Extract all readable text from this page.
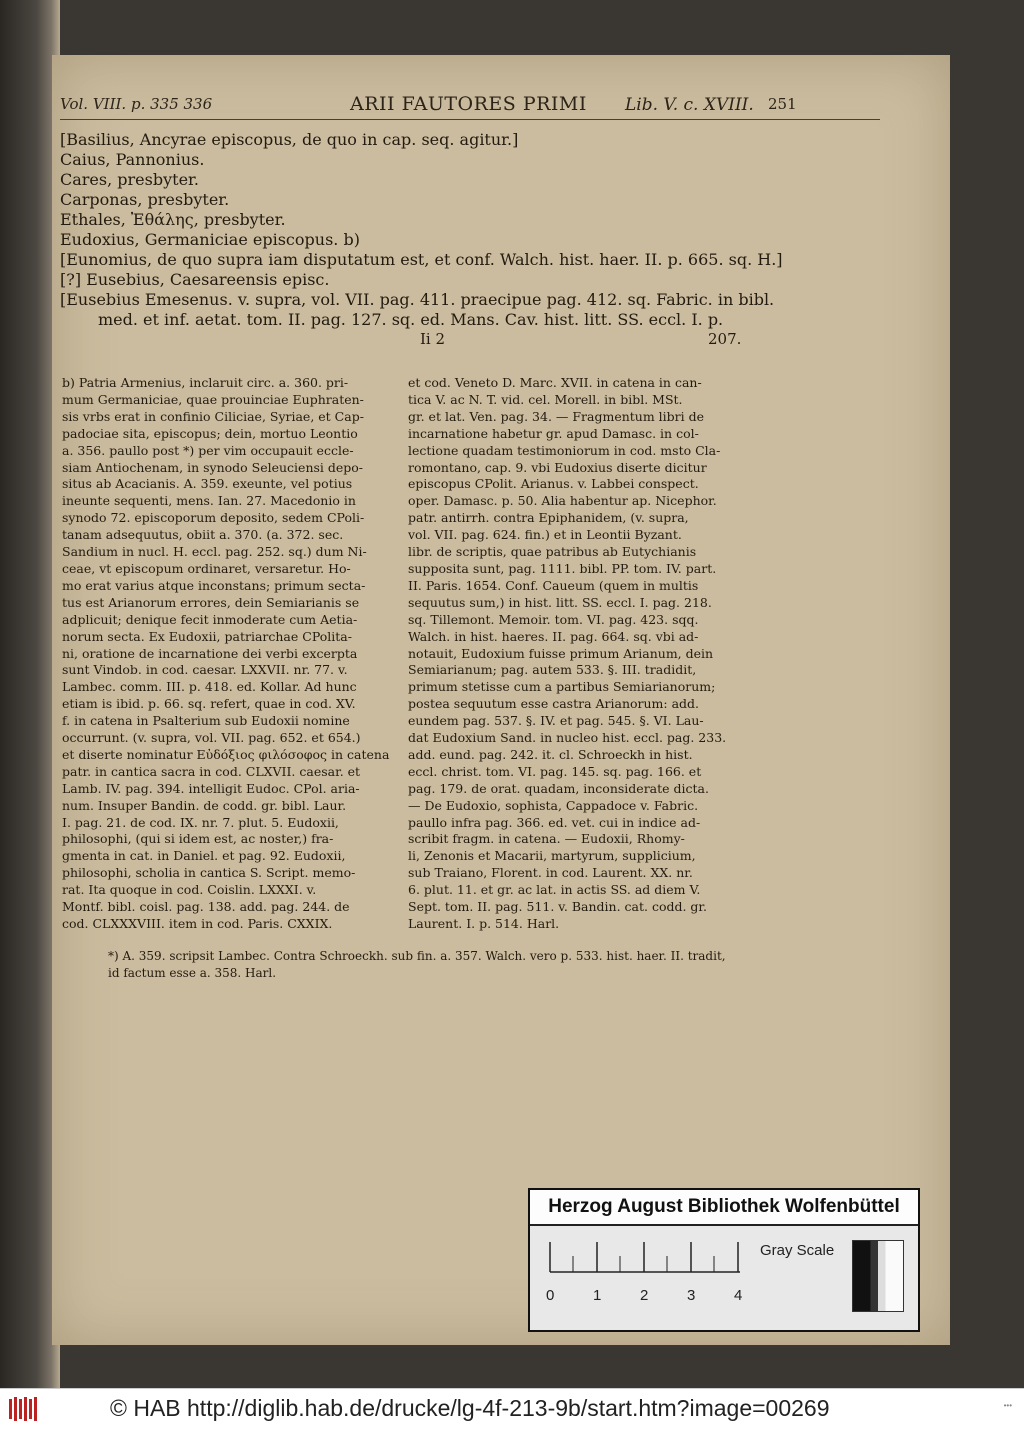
Vol. VIII. p. 335 336	ARII FAUTORES PRIMI Lib. V. c. XVIII. 251
[Basilius, Ancyrae episcopus, de quo in cap. seq. agitur.]
Caius, Pannonius.
Cares, presbyter.
Carponas, presbyter.
Ethales, Ἐθάλης, presbyter.
Eudoxius, Germaniciae episcopus. b)
[Eunomius, de quo supra iam disputatum est, et conf. Walch. hist. haer. II. p. 665. sq. H.]
[?] Eusebius, Caesareensis episc.
[Eusebius Emesenus. v. supra, vol. VII. pag. 411. praecipue pag. 412. sq. Fabric. in bibl.
med. et inf. aetat. tom. II. pag. 127. sq. ed. Mans. Cav. hist. litt. SS. eccl. I. p.
Ii 2	207.
b) Patria Armenius, inclaruit circ. a. 360. pri-
mum Germaniciae, quae prouinciae Euphraten-
sis vrbs erat in confinio Ciliciae, Syriae, et Cap-
padociae sita, episcopus; dein, mortuo Leontio
a. 356. paullo post *) per vim occupauit eccle-
siam Antiochenam, in synodo Seleuciensi depo-
situs ab Acacianis. A. 359. exeunte, vel potius
ineunte sequenti, mens. Ian. 27. Macedonio in
synodo 72. episcoporum deposito, sedem CPoli-
tanam adsequutus, obiit a. 370. (a. 372. sec.
Sandium in nucl. H. eccl. pag. 252. sq.) dum Ni-
ceae, vt episcopum ordinaret, versaretur. Ho-
mo erat varius atque inconstans; primum secta-
tus est Arianorum errores, dein Semiarianis se
adplicuit; denique fecit inmoderate cum Aetia-
norum secta. Ex Eudoxii, patriarchae CPolita-
ni, oratione de incarnatione dei verbi excerpta
sunt Vindob. in cod. caesar. LXXVII. nr. 77. v.
Lambec. comm. III. p. 418. ed. Kollar. Ad hunc
etiam is ibid. p. 66. sq. refert, quae in cod. XV.
f. in catena in Psalterium sub Eudoxii nomine
occurrunt. (v. supra, vol. VII. pag. 652. et 654.)
et diserte nominatur Εὐδόξιος φιλόσοφος in catena
patr. in cantica sacra in cod. CLXVII. caesar. et
Lamb. IV. pag. 394. intelligit Eudoc. CPol. aria-
num. Insuper Bandin. de codd. gr. bibl. Laur.
I. pag. 21. de cod. IX. nr. 7. plut. 5. Eudoxii,
philosophi, (qui si idem est, ac noster,) fra-
gmenta in cat. in Daniel. et pag. 92. Eudoxii,
philosophi, scholia in cantica S. Script. memo-
rat. Ita quoque in cod. Coislin. LXXXI. v.
Montf. bibl. coisl. pag. 138. add. pag. 244. de
cod. CLXXXVIII. item in cod. Paris. CXXIX.
et cod. Veneto D. Marc. XVII. in catena in can-
tica V. ac N. T. vid. cel. Morell. in bibl. MSt.
gr. et lat. Ven. pag. 34. — Fragmentum libri de
incarnatione habetur gr. apud Damasc. in col-
lectione quadam testimoniorum in cod. msto Cla-
romontano, cap. 9. vbi Eudoxius diserte dicitur
episcopus CPolit. Arianus. v. Labbei conspect.
oper. Damasc. p. 50. Alia habentur ap. Nicephor.
patr. antirrh. contra Epiphanidem, (v. supra,
vol. VII. pag. 624. fin.) et in Leontii Byzant.
libr. de scriptis, quae patribus ab Eutychianis
supposita sunt, pag. 1111. bibl. PP. tom. IV. part.
II. Paris. 1654. Conf. Caueum (quem in multis
sequutus sum,) in hist. litt. SS. eccl. I. pag. 218.
sq. Tillemont. Memoir. tom. VI. pag. 423. sqq.
Walch. in hist. haeres. II. pag. 664. sq. vbi ad-
notauit, Eudoxium fuisse primum Arianum, dein
Semiarianum; pag. autem 533. §. III. tradidit,
primum stetisse cum a partibus Semiarianorum;
postea sequutum esse castra Arianorum: add.
eundem pag. 537. §. IV. et pag. 545. §. VI. Lau-
dat Eudoxium Sand. in nucleo hist. eccl. pag. 233.
add. eund. pag. 242. it. cl. Schroeckh in hist.
eccl. christ. tom. VI. pag. 145. sq. pag. 166. et
pag. 179. de orat. quadam, inconsiderate dicta.
— De Eudoxio, sophista, Cappadoce v. Fabric.
paullo infra pag. 366. ed. vet. cui in indice ad-
scribit fragm. in catena. — Eudoxii, Rhomy-
li, Zenonis et Macarii, martyrum, supplicium,
sub Traiano, Florent. in cod. Laurent. XX. nr.
6. plut. 11. et gr. ac lat. in actis SS. ad diem V.
Sept. tom. II. pag. 511. v. Bandin. cat. codd. gr.
Laurent. I. p. 514. Harl.
*) A. 359. scripsit Lambec. Contra Schroeckh. sub fin. a. 357. Walch. vero p. 533. hist. haer. II. tradit,
id factum esse a. 358. Harl.
Herzog August Bibliothek Wolfenbüttel
0	1	2	3	4
Gray Scale
© HAB http://diglib.hab.de/drucke/lg-4f-213-9b/start.htm?image=00269	•••
